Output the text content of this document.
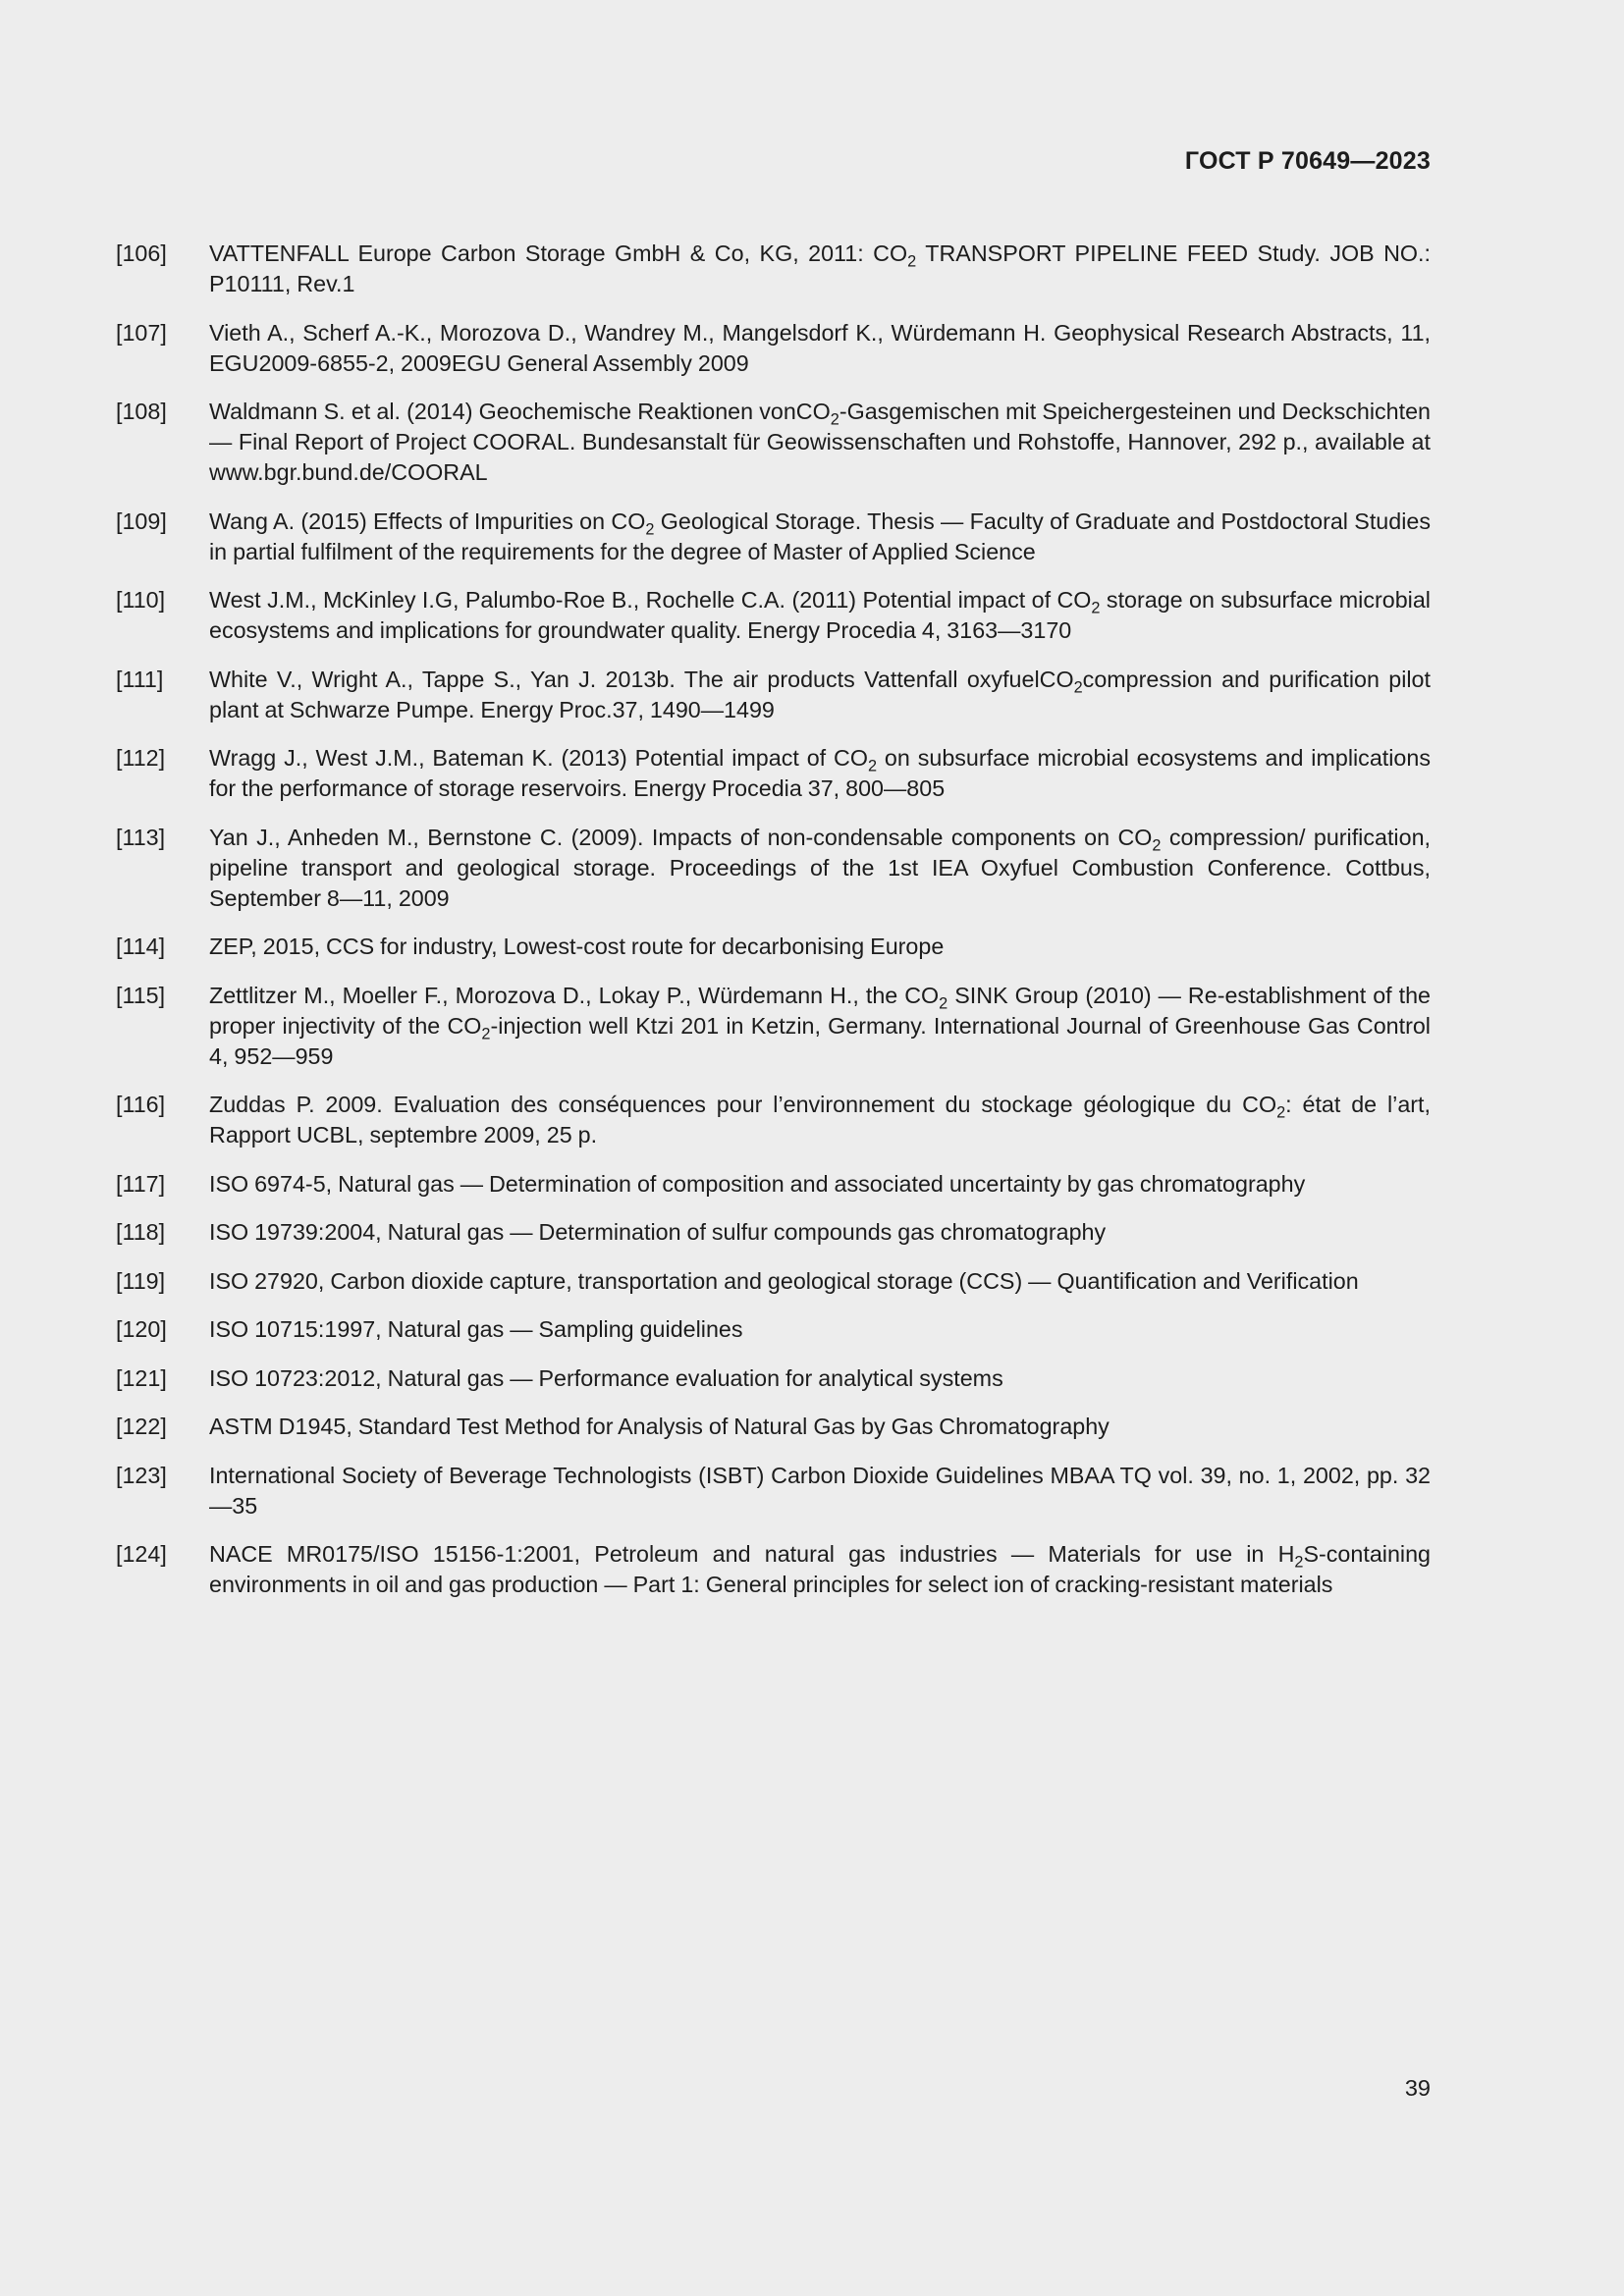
ГОСТ Р 70649—2023
[106]	VATTENFALL Europe Carbon Storage GmbH & Co, KG, 2011: $CO_2$ TRANSPORT PIPELINE FEED Study. JOB NO.: P10111, Rev.1
[107]	Vieth A., Scherf A.-K., Morozova D., Wandrey M., Mangelsdorf K., Würdemann H. Geophysical Research Abstracts, 11, EGU2009-6855-2, 2009EGU General Assembly 2009
[108]	Waldmann S. et al. (2014) Geochemische Reaktionen vonCO$_2$-Gasgemischen mit Speichergesteinen und Deckschichten — Final Report of Project COORAL. Bundesanstalt für Geowissenschaften und Rohstoffe, Hannover, 292 p., available at www.bgr.bund.de/COORAL
[109]	Wang A. (2015) Effects of Impurities on $CO_2$ Geological Storage. Thesis — Faculty of Graduate and Postdoctoral Studies in partial fulfilment of the requirements for the degree of Master of Applied Science
[110]	West J.M., McKinley I.G, Palumbo-Roe B., Rochelle C.A. (2011) Potential impact of $CO_2$ storage on subsurface microbial ecosystems and implications for groundwater quality. Energy Procedia 4, 3163—3170
[111]	White V., Wright A., Tappe S., Yan J. 2013b. The air products Vattenfall oxyfuelCO$_2$compression and purification pilot plant at Schwarze Pumpe. Energy Proc.37, 1490—1499
[112]	Wragg J., West J.M., Bateman K. (2013) Potential impact of $CO_2$ on subsurface microbial ecosystems and implications for the performance of storage reservoirs. Energy Procedia 37, 800—805
[113]	Yan J., Anheden M., Bernstone C. (2009). Impacts of non-condensable components on $CO_2$ compression/ purification, pipeline transport and geological storage. Proceedings of the 1st IEA Oxyfuel Combustion Conference. Cottbus, September 8—11, 2009
[114]	ZEP, 2015, CCS for industry, Lowest-cost route for decarbonising Europe
[115]	Zettlitzer M., Moeller F., Morozova D., Lokay P., Würdemann H., the $CO_2$ SINK Group (2010) — Re-establishment of the proper injectivity of the $CO_2$-injection well Ktzi 201 in Ketzin, Germany. International Journal of Greenhouse Gas Control 4, 952—959
[116]	Zuddas P. 2009. Evaluation des conséquences pour l’environnement du stockage géologique du $CO_2$: état de l’art, Rapport UCBL, septembre 2009, 25 p.
[117]	ISO 6974-5, Natural gas — Determination of composition and associated uncertainty by gas chromatography
[118]	ISO 19739:2004, Natural gas — Determination of sulfur compounds gas chromatography
[119]	ISO 27920, Carbon dioxide capture, transportation and geological storage (CCS) — Quantification and Verification
[120]	ISO 10715:1997, Natural gas — Sampling guidelines
[121]	ISO 10723:2012, Natural gas — Performance evaluation for analytical systems
[122]	ASTM D1945, Standard Test Method for Analysis of Natural Gas by Gas Chromatography
[123]	International Society of Beverage Technologists (ISBT) Carbon Dioxide Guidelines MBAA TQ vol. 39, no. 1, 2002, pp. 32—35
[124]	NACE MR0175/ISO 15156-1:2001, Petroleum and natural gas industries — Materials for use in $H_2S$-containing environments in oil and gas production — Part 1: General principles for select ion of cracking-resistant materials
39
